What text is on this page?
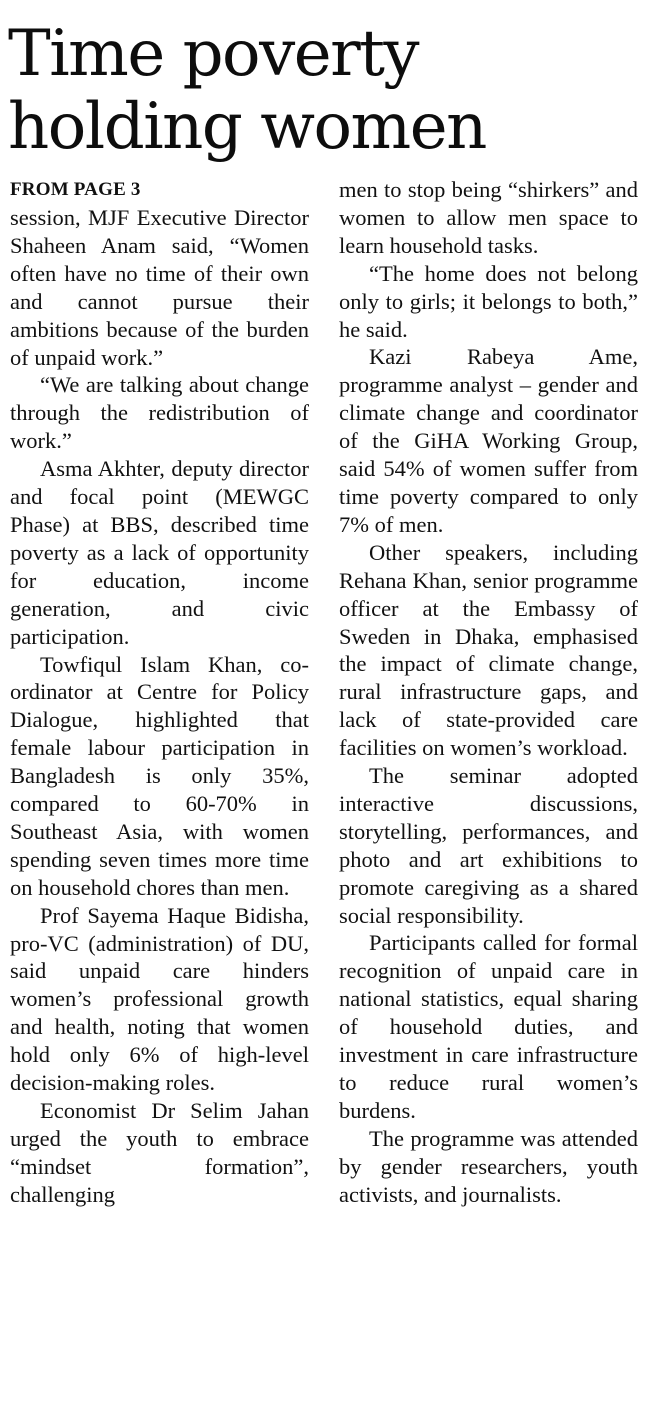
Time poverty
holding women
FROM PAGE 3

session, MJF Executive Director Shaheen Anam said, “Women often have no time of their own and cannot pursue their ambitions because of the burden of unpaid work.”

“We are talking about change through the redistribution of work.”

Asma Akhter, deputy director and focal point (MEWGC Phase) at BBS, described time poverty as a lack of opportunity for education, income generation, and civic participation.

Towfiqul Islam Khan, co-ordinator at Centre for Policy Dialogue, highlighted that female labour participation in Bangladesh is only 35%, compared to 60-70% in Southeast Asia, with women spending seven times more time on household chores than men.

Prof Sayema Haque Bidisha, pro-VC (administration) of DU, said unpaid care hinders women’s professional growth and health, noting that women hold only 6% of high-level decision-making roles.

Economist Dr Selim Jahan urged the youth to embrace “mindset formation”, challenging

men to stop being “shirkers” and women to allow men space to learn household tasks.

“The home does not belong only to girls; it belongs to both,” he said.

Kazi Rabeya Ame, programme analyst – gender and climate change and coordinator of the GiHA Working Group, said 54% of women suffer from time poverty compared to only 7% of men.

Other speakers, including Rehana Khan, senior programme officer at the Embassy of Sweden in Dhaka, emphasised the impact of climate change, rural infrastructure gaps, and lack of state-provided care facilities on women’s workload.

The seminar adopted interactive discussions, storytelling, performances, and photo and art exhibitions to promote caregiving as a shared social responsibility.

Participants called for formal recognition of unpaid care in national statistics, equal sharing of household duties, and investment in care infrastructure to reduce rural women’s burdens.

The programme was attended by gender researchers, youth activists, and journalists.
